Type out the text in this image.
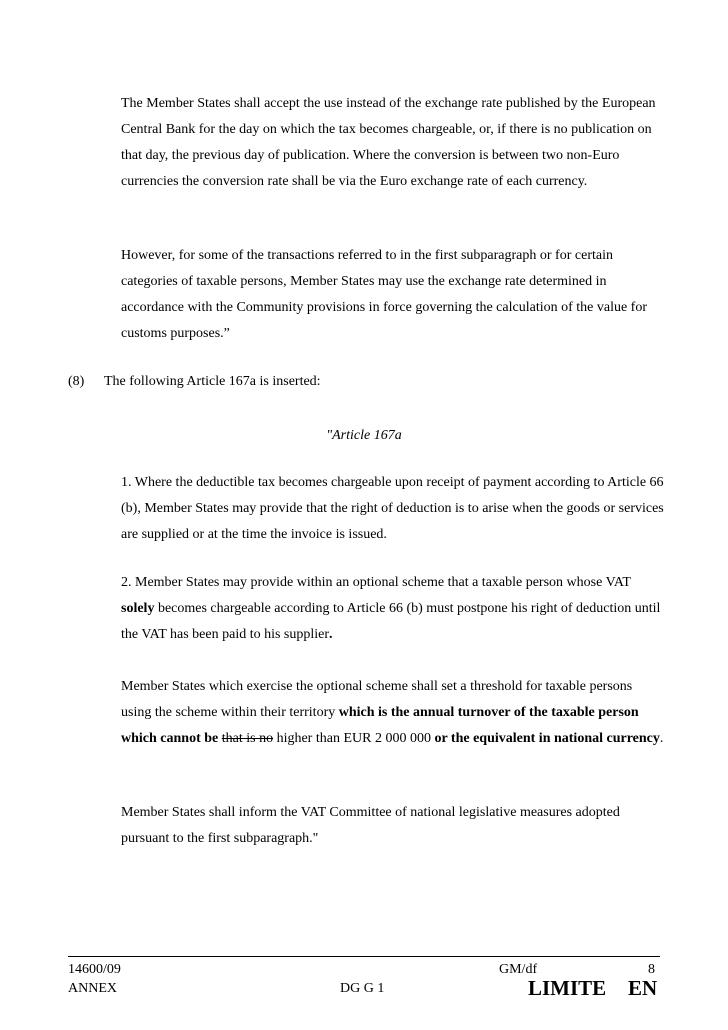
The Member States shall accept the use instead of the exchange rate published by the European Central Bank for the day on which the tax becomes chargeable, or, if there is no publication on that day, the previous day of publication. Where the conversion is between two non-Euro currencies the conversion rate shall be via the Euro exchange rate of each currency.

However, for some of the transactions referred to in the first subparagraph or for certain categories of taxable persons, Member States may use the exchange rate determined in accordance with the Community provisions in force governing the calculation of the value for customs purposes.”

(8) The following Article 167a is inserted:
"Article 167a

1. Where the deductible tax becomes chargeable upon receipt of payment according to Article 66 (b), Member States may provide that the right of deduction is to arise when the goods or services are supplied or at the time the invoice is issued.

2. Member States may provide within an optional scheme that a taxable person whose VAT solely becomes chargeable according to Article 66 (b) must postpone his right of deduction until the VAT has been paid to his supplier.

Member States which exercise the optional scheme shall set a threshold for taxable persons using the scheme within their territory which is the annual turnover of the taxable person which cannot be that is no higher than EUR 2 000 000 or the equivalent in national currency.

Member States shall inform the VAT Committee of national legislative measures adopted pursuant to the first subparagraph."

14600/09
ANNEX
GM/df	8
DG G 1	LIMITE EN
